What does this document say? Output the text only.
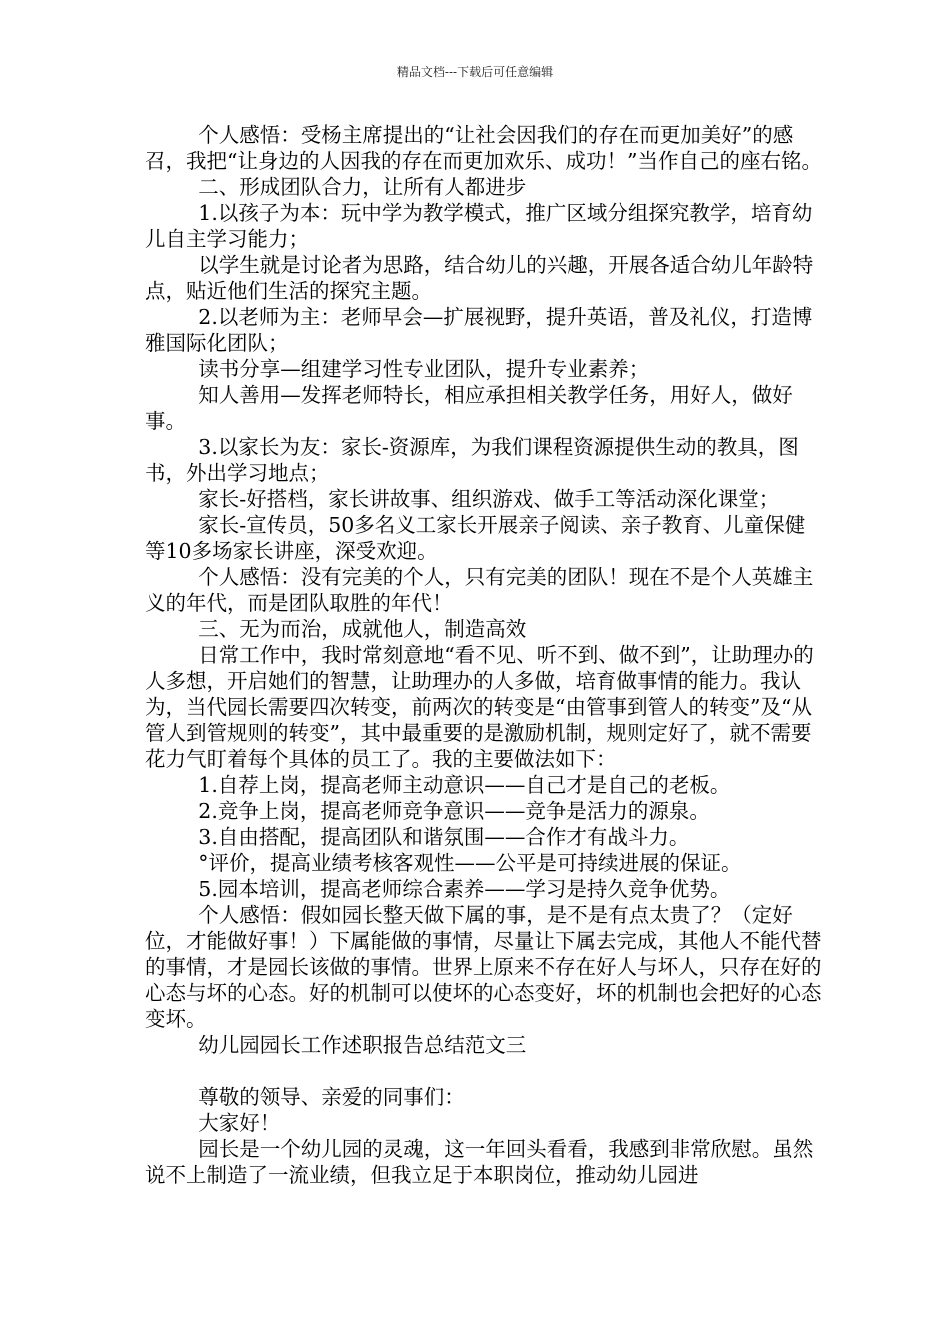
精品文档---下载后可任意编辑

个人感悟：受杨主席提出的“让社会因我们的存在而更加美好”的感召，我把“让身边的人因我的存在而更加欢乐、成功！”当作自己的座右铭。

二、形成团队合力，让所有人都进步

1.以孩子为本：玩中学为教学模式，推广区域分组探究教学，培育幼儿自主学习能力；

以学生就是讨论者为思路，结合幼儿的兴趣，开展各适合幼儿年龄特点，贴近他们生活的探究主题。

2.以老师为主：老师早会—扩展视野，提升英语，普及礼仪，打造博雅国际化团队；

读书分享—组建学习性专业团队，提升专业素养；

知人善用—发挥老师特长，相应承担相关教学任务，用好人，做好事。

3.以家长为友：家长-资源库，为我们课程资源提供生动的教具，图书，外出学习地点；

家长-好搭档，家长讲故事、组织游戏、做手工等活动深化课堂；

家长-宣传员，50多名义工家长开展亲子阅读、亲子教育、儿童保健等10多场家长讲座，深受欢迎。

个人感悟：没有完美的个人，只有完美的团队！现在不是个人英雄主义的年代，而是团队取胜的年代！

三、无为而治，成就他人，制造高效

日常工作中，我时常刻意地“看不见、听不到、做不到”，让助理办的人多想，开启她们的智慧，让助理办的人多做，培育做事情的能力。我认为，当代园长需要四次转变，前两次的转变是“由管事到管人的转变”及“从管人到管规则的转变”，其中最重要的是激励机制，规则定好了，就不需要花力气盯着每个具体的员工了。我的主要做法如下：

1.自荐上岗，提高老师主动意识——自己才是自己的老板。

2.竞争上岗，提高老师竞争意识——竞争是活力的源泉。

3.自由搭配，提高团队和谐氛围——合作才有战斗力。

°评价，提高业绩考核客观性——公平是可持续进展的保证。

5.园本培训，提高老师综合素养——学习是持久竞争优势。

个人感悟：假如园长整天做下属的事，是不是有点太贵了？（定好位，才能做好事！）下属能做的事情，尽量让下属去完成，其他人不能代替的事情，才是园长该做的事情。世界上原来不存在好人与坏人，只存在好的心态与坏的心态。好的机制可以使坏的心态变好，坏的机制也会把好的心态变坏。

幼儿园园长工作述职报告总结范文三

尊敬的领导、亲爱的同事们：

大家好！

园长是一个幼儿园的灵魂，这一年回头看看，我感到非常欣慰。虽然说不上制造了一流业绩，但我立足于本职岗位，推动幼儿园进
